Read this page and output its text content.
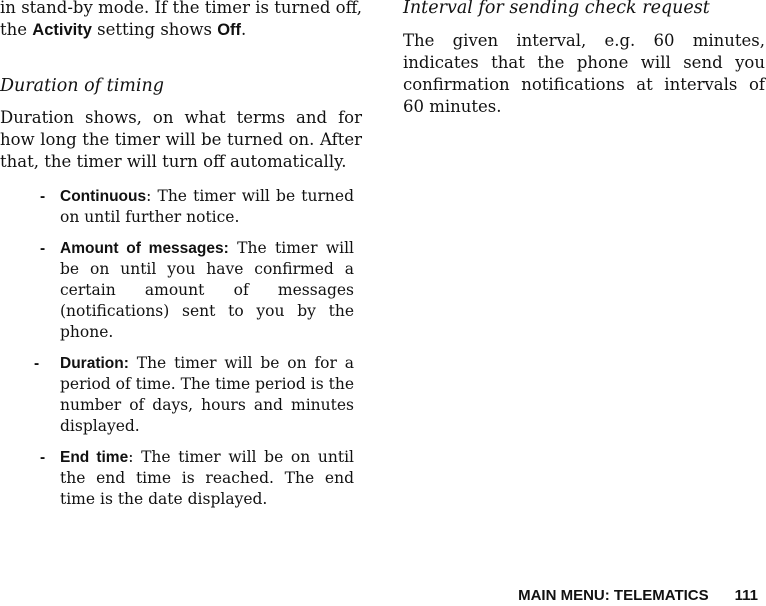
in stand-by mode. If the timer is turned off, the Activity setting shows Off.

Duration of timing

Duration shows, on what terms and for how long the timer will be turned on. After that, the timer will turn off automatically.

- Continuous: The timer will be turned on until further notice.
- Amount of messages: The timer will be on until you have confirmed a certain amount of messages (notifications) sent to you by the phone.
- Duration: The timer will be on for a period of time. The time period is the number of days, hours and minutes displayed.
- End time: The timer will be on until the end time is reached. The end time is the date displayed.
Interval for sending check request

The given interval, e.g. 60 minutes, indicates that the phone will send you confirmation notifications at intervals of 60 minutes.

MAIN MENU: TELEMATICS 111
